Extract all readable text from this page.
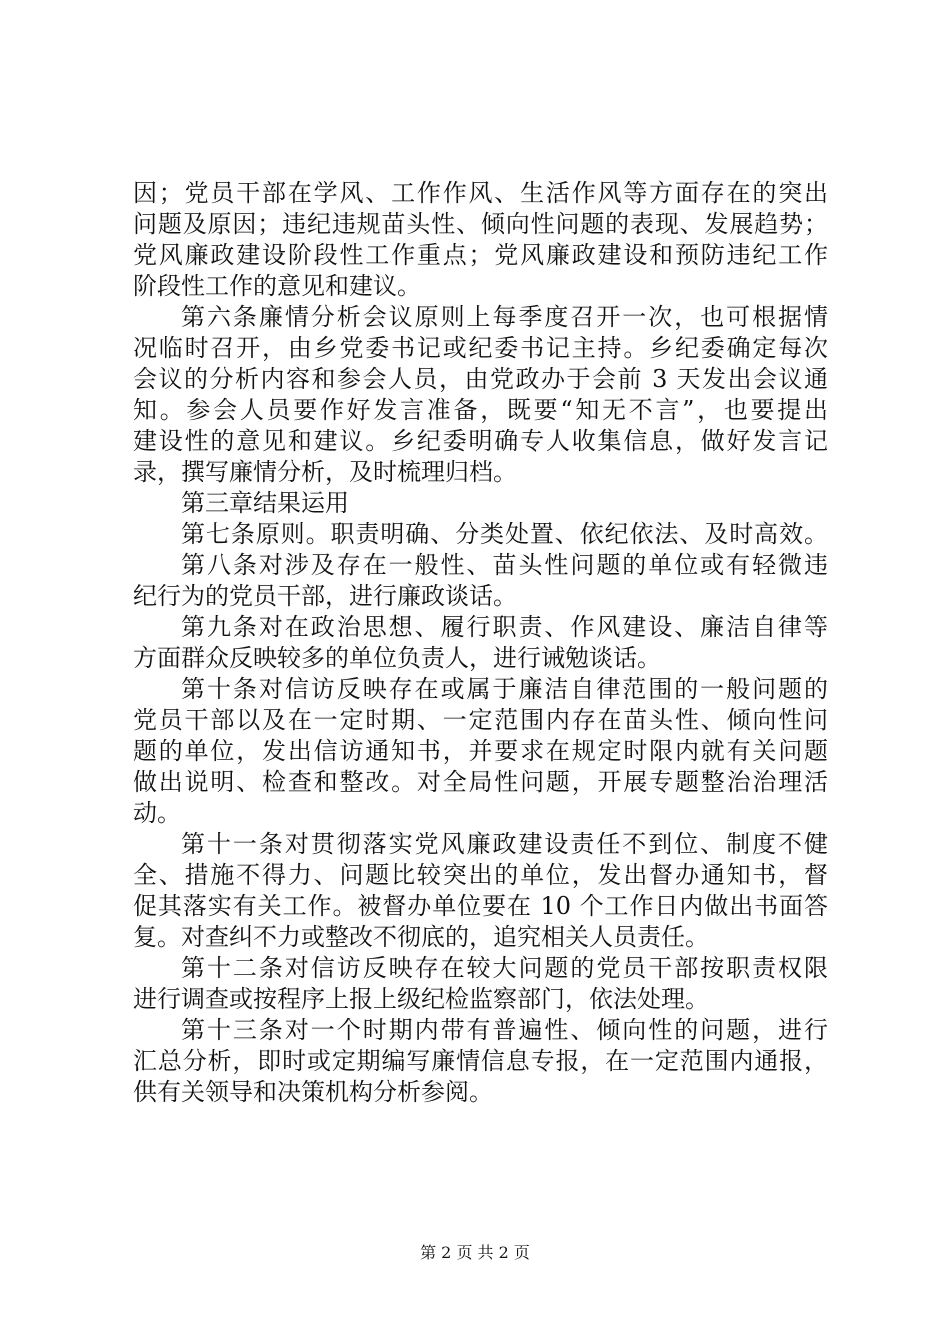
因；党员干部在学风、工作作风、生活作风等方面存在的突出
问题及原因；违纪违规苗头性、倾向性问题的表现、发展趋势；
党风廉政建设阶段性工作重点；党风廉政建设和预防违纪工作
阶段性工作的意见和建议。
第六条廉情分析会议原则上每季度召开一次，也可根据情
况临时召开，由乡党委书记或纪委书记主持。乡纪委确定每次
会议的分析内容和参会人员，由党政办于会前 3 天发出会议通
知。参会人员要作好发言准备，既要“知无不言”，也要提出
建设性的意见和建议。乡纪委明确专人收集信息，做好发言记
录，撰写廉情分析，及时梳理归档。
第三章结果运用
第七条原则。职责明确、分类处置、依纪依法、及时高效。
第八条对涉及存在一般性、苗头性问题的单位或有轻微违
纪行为的党员干部，进行廉政谈话。
第九条对在政治思想、履行职责、作风建设、廉洁自律等
方面群众反映较多的单位负责人，进行诫勉谈话。
第十条对信访反映存在或属于廉洁自律范围的一般问题的
党员干部以及在一定时期、一定范围内存在苗头性、倾向性问
题的单位，发出信访通知书，并要求在规定时限内就有关问题
做出说明、检查和整改。对全局性问题，开展专题整治治理活
动。
第十一条对贯彻落实党风廉政建设责任不到位、制度不健
全、措施不得力、问题比较突出的单位，发出督办通知书，督
促其落实有关工作。被督办单位要在 10 个工作日内做出书面答
复。对查纠不力或整改不彻底的，追究相关人员责任。
第十二条对信访反映存在较大问题的党员干部按职责权限
进行调查或按程序上报上级纪检监察部门，依法处理。
第十三条对一个时期内带有普遍性、倾向性的问题，进行
汇总分析，即时或定期编写廉情信息专报，在一定范围内通报，
供有关领导和决策机构分析参阅。
第 2 页 共 2 页
